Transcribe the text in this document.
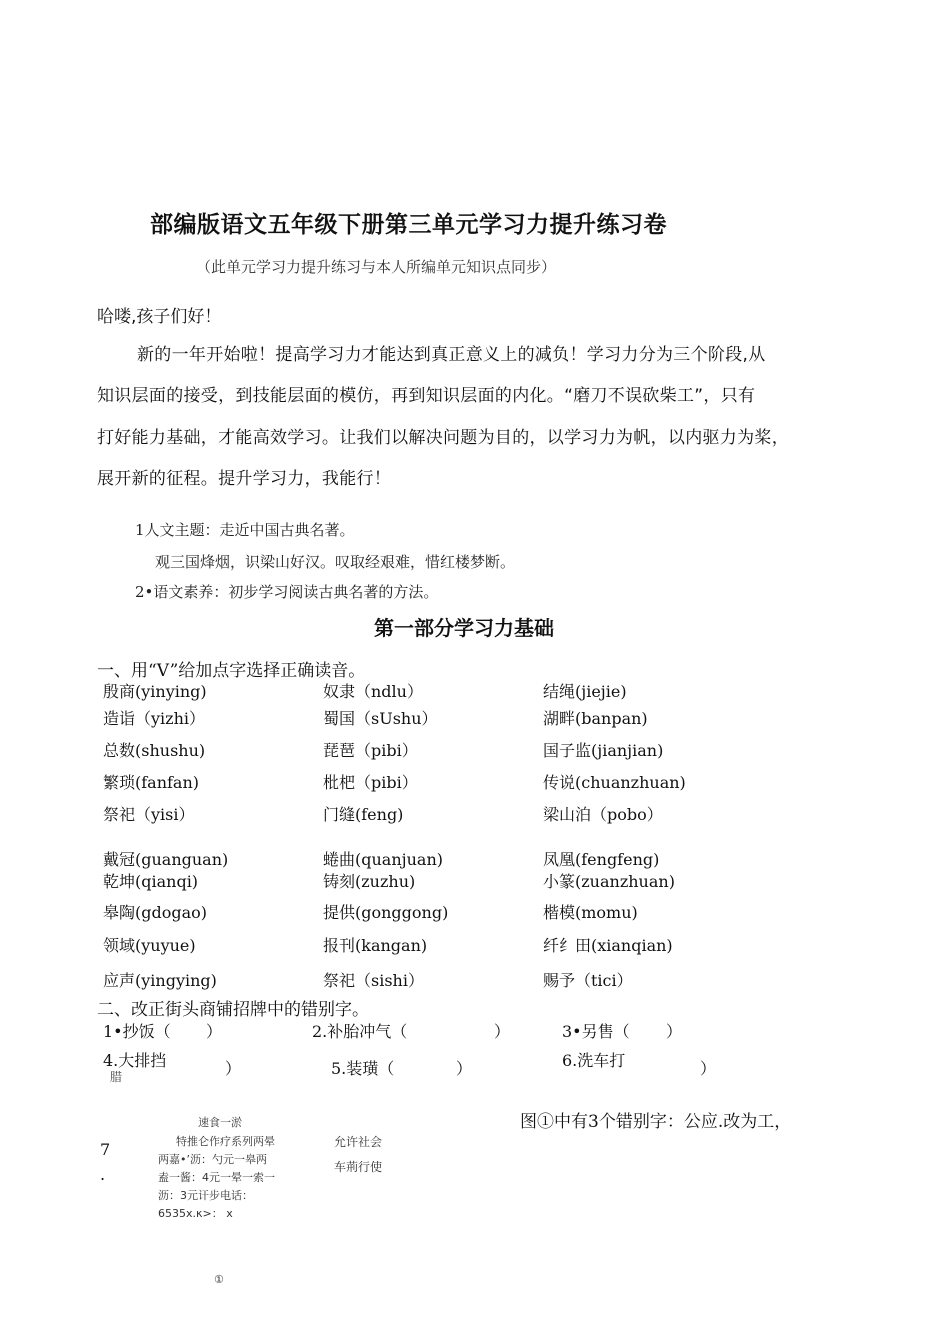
部编版语文五年级下册第三单元学习力提升练习卷
（此单元学习力提升练习与本人所编单元知识点同步）
哈喽,孩子们好！
新的一年开始啦！提高学习力才能达到真正意义上的减负！学习力分为三个阶段,从
知识层面的接受，到技能层面的模仿，再到知识层面的内化。“磨刀不误砍柴工”，只有
打好能力基础，才能高效学习。让我们以解决问题为目的，以学习力为帆，以内驱力为桨，
展开新的征程。提升学习力，我能行！
1人文主题：走近中国古典名著。
观三国烽烟，识梁山好汉。叹取经艰难，惜红楼梦断。
2•语文素养：初步学习阅读古典名著的方法。
第一部分学习力基础
一、用“V”给加点字选择正确读音。
殷商(yinying)	奴隶（ndlu）	结绳(jiejie)
造诣（yizhi）	蜀国（sUshu）	湖畔(banpan)
总数(shushu)	琵琶（pibi）	国子监(jianjian)
繁琐(fanfan)	枇杷（pibi）	传说(chuanzhuan)
祭祀（yisi）	门缝(feng)	梁山泊（pobo）
戴冠(guanguan)	蜷曲(quanjuan)	凤凰(fengfeng)
乾坤(qianqi)	铸刻(zuzhu)	小篆(zuanzhuan)
皋陶(gdogao)	提供(gonggong)	楷模(momu)
领域(yuyue)	报刊(kangan)	纤纟田(xianqian)
应声(yingying)	祭祀（sishi）	赐予（tici）
二、改正街头商铺招牌中的错别字。
1•抄饭（ ）	2.补胎冲气（	）	3•另售（ ）
4.大排挡	）	5.装璜（	）	6.洗车打	）
腊
7
.
速食一淤
特推仑作疗系列两晕
两嘉•’沥：勺元一皋两
盍一酱：4元一晕一索一
沥：3元讦步电话：
6535x.κ>： x
①
允许社会
车荊行使
图①中有3个错别字：公应.改为工，
